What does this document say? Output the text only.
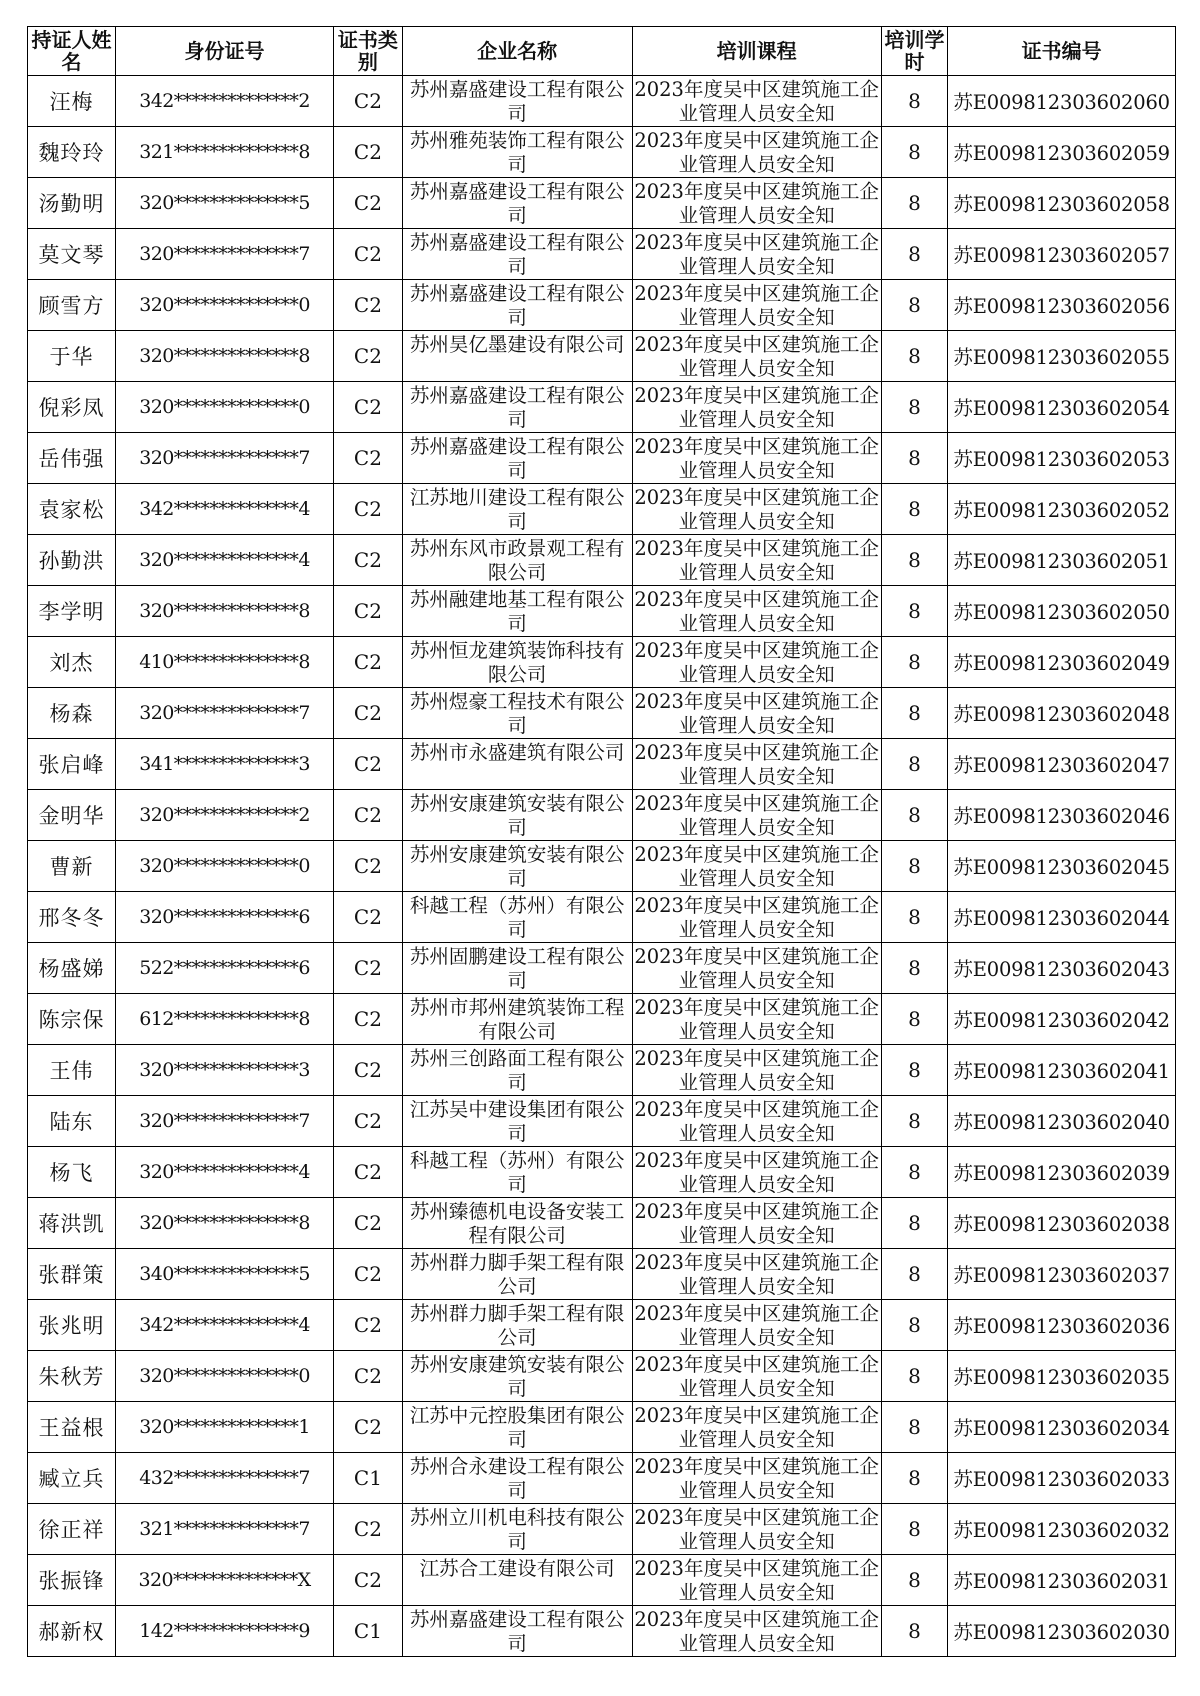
持证人姓名	身份证号	证书类别	企业名称	培训课程	培训学时	证书编号

汪梅	342**************2	C2	苏州嘉盛建设工程有限公司	2023年度吴中区建筑施工企业管理人员安全知	8	苏E009812303602060

魏玲玲	321**************8	C2	苏州雅苑装饰工程有限公司	2023年度吴中区建筑施工企业管理人员安全知	8	苏E009812303602059

汤勤明	320**************5	C2	苏州嘉盛建设工程有限公司	2023年度吴中区建筑施工企业管理人员安全知	8	苏E009812303602058

莫文琴	320**************7	C2	苏州嘉盛建设工程有限公司	2023年度吴中区建筑施工企业管理人员安全知	8	苏E009812303602057

顾雪方	320**************0	C2	苏州嘉盛建设工程有限公司	2023年度吴中区建筑施工企业管理人员安全知	8	苏E009812303602056

于华	320**************8	C2	苏州昊亿墨建设有限公司	2023年度吴中区建筑施工企业管理人员安全知	8	苏E009812303602055

倪彩凤	320**************0	C2	苏州嘉盛建设工程有限公司	2023年度吴中区建筑施工企业管理人员安全知	8	苏E009812303602054

岳伟强	320**************7	C2	苏州嘉盛建设工程有限公司	2023年度吴中区建筑施工企业管理人员安全知	8	苏E009812303602053

袁家松	342**************4	C2	江苏地川建设工程有限公司	2023年度吴中区建筑施工企业管理人员安全知	8	苏E009812303602052

孙勤洪	320**************4	C2	苏州东风市政景观工程有限公司	2023年度吴中区建筑施工企业管理人员安全知	8	苏E009812303602051

李学明	320**************8	C2	苏州融建地基工程有限公司	2023年度吴中区建筑施工企业管理人员安全知	8	苏E009812303602050

刘杰	410**************8	C2	苏州恒龙建筑装饰科技有限公司	2023年度吴中区建筑施工企业管理人员安全知	8	苏E009812303602049

杨森	320**************7	C2	苏州煜豪工程技术有限公司	2023年度吴中区建筑施工企业管理人员安全知	8	苏E009812303602048

张启峰	341**************3	C2	苏州市永盛建筑有限公司	2023年度吴中区建筑施工企业管理人员安全知	8	苏E009812303602047

金明华	320**************2	C2	苏州安康建筑安装有限公司	2023年度吴中区建筑施工企业管理人员安全知	8	苏E009812303602046

曹新	320**************0	C2	苏州安康建筑安装有限公司	2023年度吴中区建筑施工企业管理人员安全知	8	苏E009812303602045

邢冬冬	320**************6	C2	科越工程（苏州）有限公司	2023年度吴中区建筑施工企业管理人员安全知	8	苏E009812303602044

杨盛娣	522**************6	C2	苏州固鹏建设工程有限公司	2023年度吴中区建筑施工企业管理人员安全知	8	苏E009812303602043

陈宗保	612**************8	C2	苏州市邦州建筑装饰工程有限公司	2023年度吴中区建筑施工企业管理人员安全知	8	苏E009812303602042

王伟	320**************3	C2	苏州三创路面工程有限公司	2023年度吴中区建筑施工企业管理人员安全知	8	苏E009812303602041

陆东	320**************7	C2	江苏吴中建设集团有限公司	2023年度吴中区建筑施工企业管理人员安全知	8	苏E009812303602040

杨飞	320**************4	C2	科越工程（苏州）有限公司	2023年度吴中区建筑施工企业管理人员安全知	8	苏E009812303602039

蒋洪凯	320**************8	C2	苏州臻德机电设备安装工程有限公司	2023年度吴中区建筑施工企业管理人员安全知	8	苏E009812303602038

张群策	340**************5	C2	苏州群力脚手架工程有限公司	2023年度吴中区建筑施工企业管理人员安全知	8	苏E009812303602037

张兆明	342**************4	C2	苏州群力脚手架工程有限公司	2023年度吴中区建筑施工企业管理人员安全知	8	苏E009812303602036

朱秋芳	320**************0	C2	苏州安康建筑安装有限公司	2023年度吴中区建筑施工企业管理人员安全知	8	苏E009812303602035

王益根	320**************1	C2	江苏中元控股集团有限公司	2023年度吴中区建筑施工企业管理人员安全知	8	苏E009812303602034

臧立兵	432**************7	C1	苏州合永建设工程有限公司	2023年度吴中区建筑施工企业管理人员安全知	8	苏E009812303602033

徐正祥	321**************7	C2	苏州立川机电科技有限公司	2023年度吴中区建筑施工企业管理人员安全知	8	苏E009812303602032

张振锋	320**************X	C2	江苏合工建设有限公司	2023年度吴中区建筑施工企业管理人员安全知	8	苏E009812303602031

郝新权	142**************9	C1	苏州嘉盛建设工程有限公司	2023年度吴中区建筑施工企业管理人员安全知	8	苏E009812303602030
